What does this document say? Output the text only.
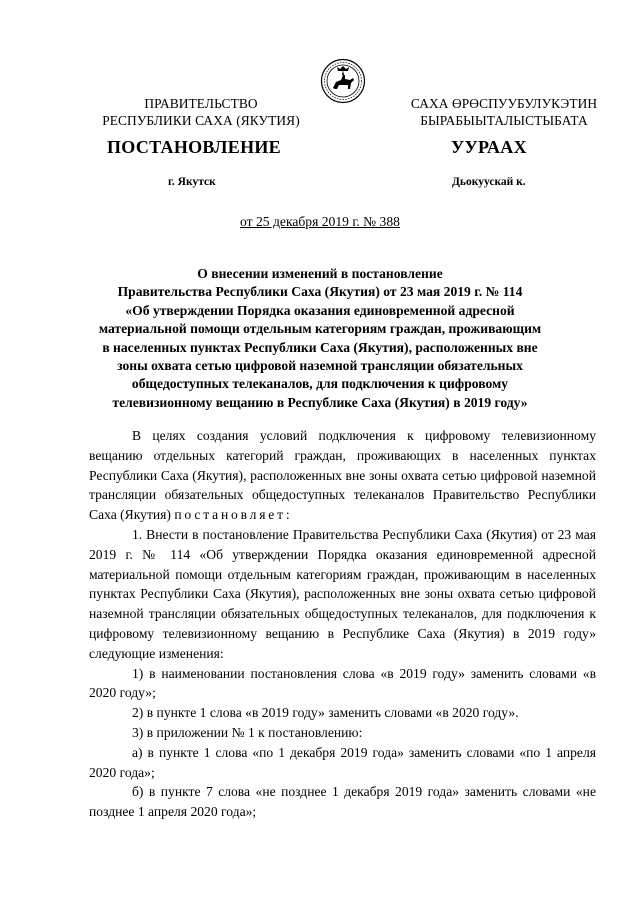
ПРАВИТЕЛЬСТВО
РЕСПУБЛИКИ САХА (ЯКУТИЯ)
САХА ӨРӨСПУУБУЛУКЭТИН
БЫРАБЫЫТАЛЫСТЫБАТА
ПОСТАНОВЛЕНИЕ	УУРААХ
г. Якутск	Дьокуускай к.
от 25 декабря 2019 г. № 388
О внесении изменений в постановление
Правительства Республики Саха (Якутия) от 23 мая 2019 г. № 114
«Об утверждении Порядка оказания единовременной адресной
материальной помощи отдельным категориям граждан, проживающим
в населенных пунктах Республики Саха (Якутия), расположенных вне
зоны охвата сетью цифровой наземной трансляции обязательных
общедоступных телеканалов, для подключения к цифровому
телевизионному вещанию в Республике Саха (Якутия) в 2019 году»

В целях создания условий подключения к цифровому телевизионному вещанию отдельных категорий граждан, проживающих в населенных пунктах Республики Саха (Якутия), расположенных вне зоны охвата сетью цифровой наземной трансляции обязательных общедоступных телеканалов Правительство Республики Саха (Якутия) постановляет:

1. Внести в постановление Правительства Республики Саха (Якутия) от 23 мая 2019 г. № 114 «Об утверждении Порядка оказания единовременной адресной материальной помощи отдельным категориям граждан, проживающим в населенных пунктах Республики Саха (Якутия), расположенных вне зоны охвата сетью цифровой наземной трансляции обязательных общедоступных телеканалов, для подключения к цифровому телевизионному вещанию в Республике Саха (Якутия) в 2019 году» следующие изменения:

1) в наименовании постановления слова «в 2019 году» заменить словами «в 2020 году»;

2) в пункте 1 слова «в 2019 году» заменить словами «в 2020 году».

3) в приложении № 1 к постановлению:

а) в пункте 1 слова «по 1 декабря 2019 года» заменить словами «по 1 апреля 2020 года»;

б) в пункте 7 слова «не позднее 1 декабря 2019 года» заменить словами «не позднее 1 апреля 2020 года»;
